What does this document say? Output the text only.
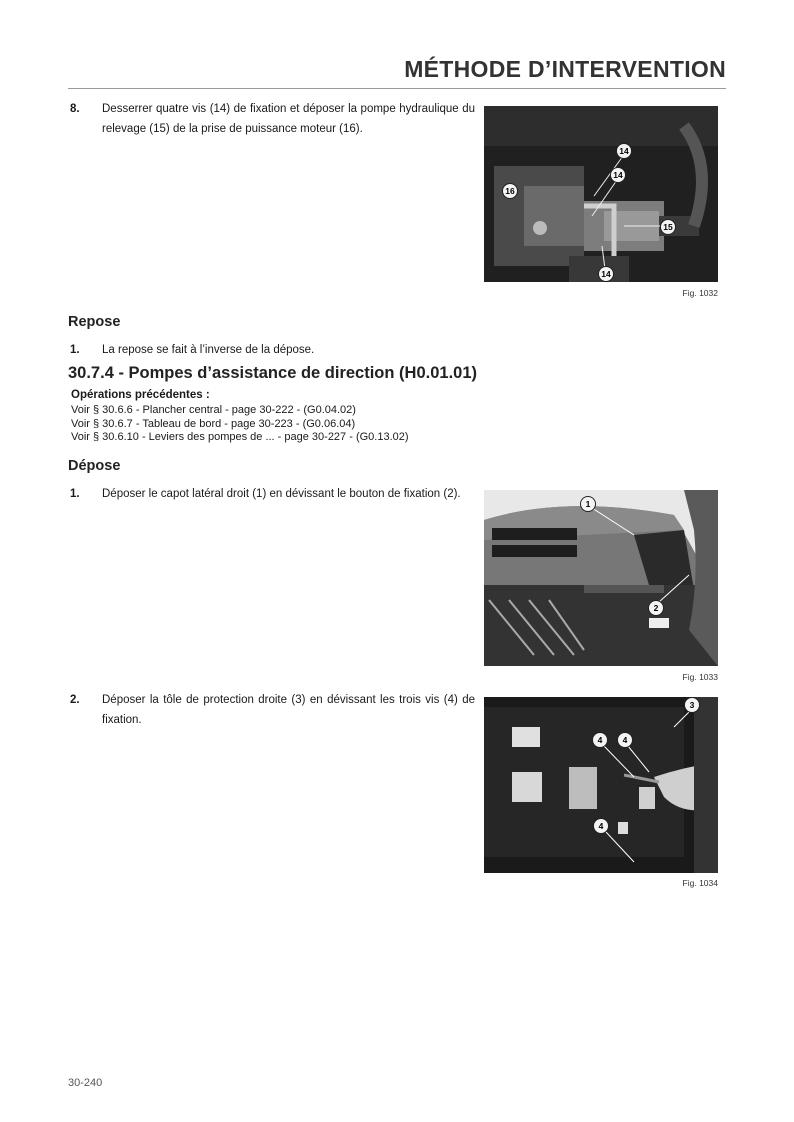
MÉTHODE D’INTERVENTION
8. Desserrer quatre vis (14) de fixation et déposer la pompe hydraulique du relevage (15) de la prise de puissance moteur (16).
14
14
16
15
14
Fig. 1032
Repose
1. La repose se fait à l’inverse de la dépose.
30.7.4 - Pompes d’assistance de direction (H0.01.01)
Opérations précédentes :
Voir § 30.6.6 - Plancher central - page 30-222 - (G0.04.02)
Voir § 30.6.7 - Tableau de bord - page 30-223 - (G0.06.04)
Voir § 30.6.10 - Leviers des pompes de ... - page 30-227 - (G0.13.02)
Dépose
1. Déposer le capot latéral droit (1) en dévissant le bouton de fixation (2).
1
2
Fig. 1033
2. Déposer la tôle de protection droite (3) en dévissant les trois vis (4) de fixation.
3
4	4
4
Fig. 1034
30-240
